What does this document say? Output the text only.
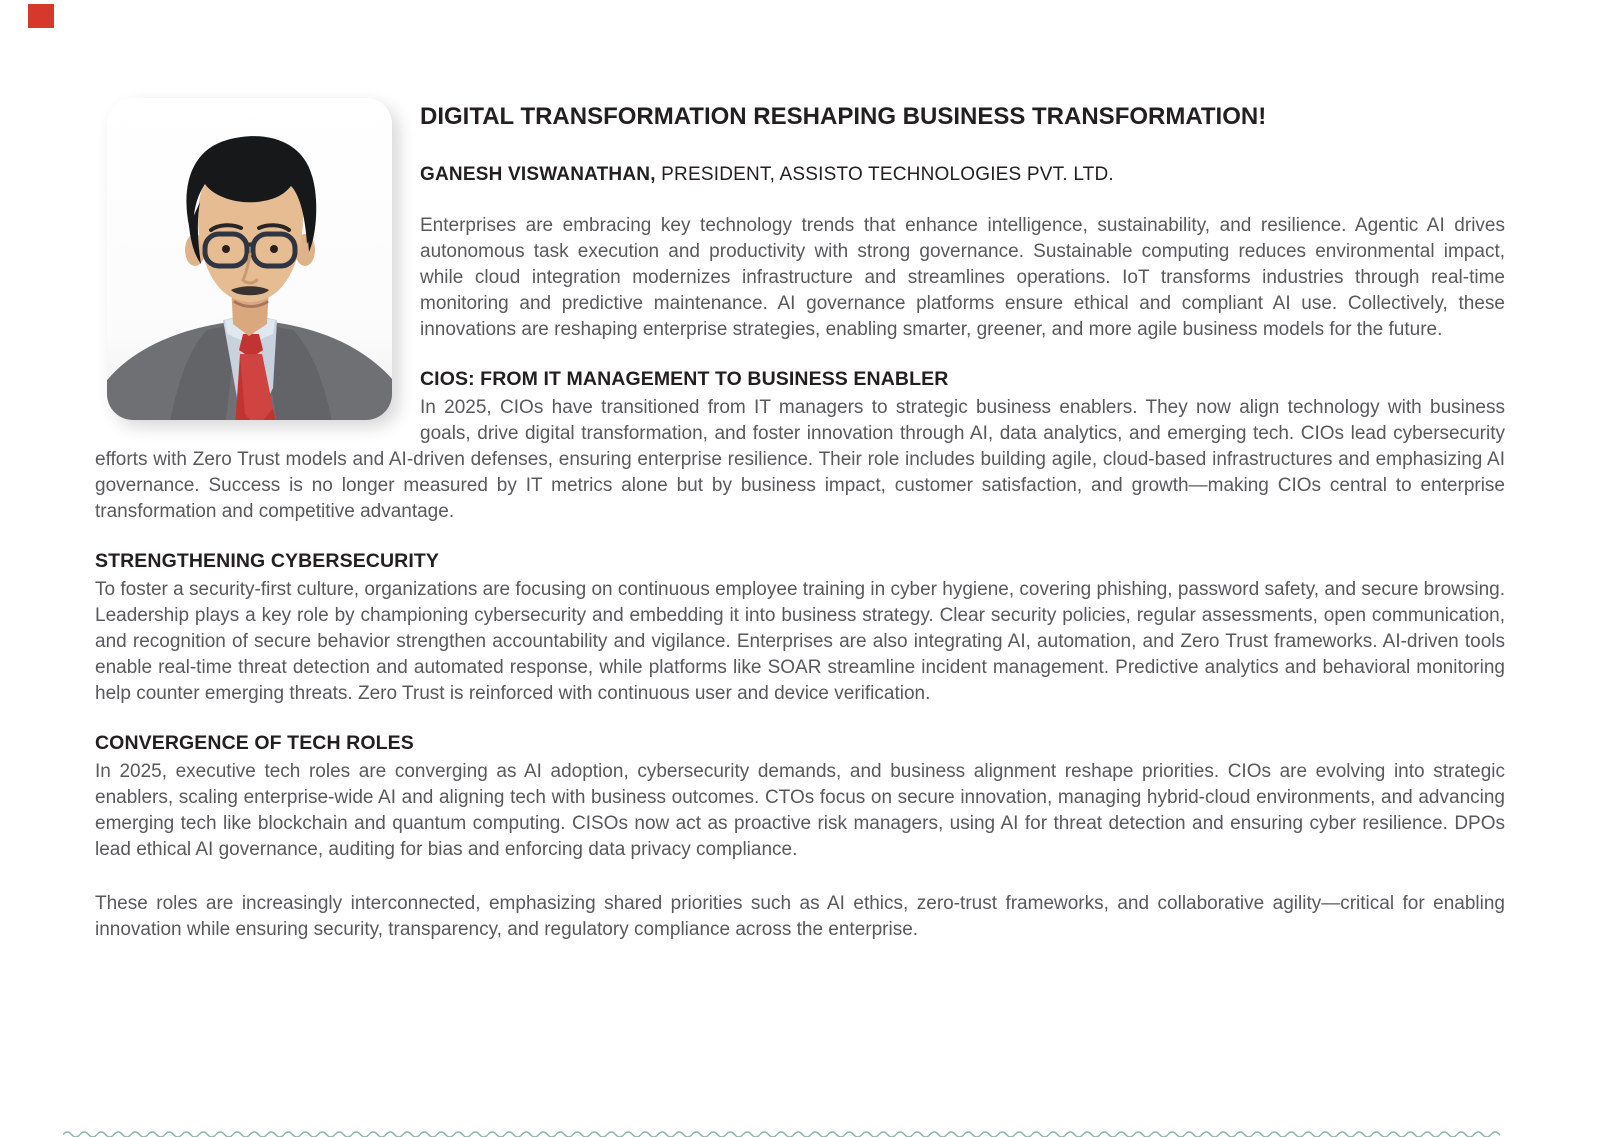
DIGITAL TRANSFORMATION RESHAPING BUSINESS TRANSFORMATION!

GANESH VISWANATHAN, PRESIDENT, ASSISTO TECHNOLOGIES PVT. LTD.

Enterprises are embracing key technology trends that enhance intelligence, sustainability, and resilience. Agentic AI drives autonomous task execution and productivity with strong governance. Sustainable computing reduces environmental impact, while cloud integration modernizes infrastructure and streamlines operations. IoT transforms industries through real-time monitoring and predictive maintenance. AI governance platforms ensure ethical and compliant AI use. Collectively, these innovations are reshaping enterprise strategies, enabling smarter, greener, and more agile business models for the future.

CIOS: FROM IT MANAGEMENT TO BUSINESS ENABLER

In 2025, CIOs have transitioned from IT managers to strategic business enablers. They now align technology with business goals, drive digital transformation, and foster innovation through AI, data analytics, and emerging tech. CIOs lead cybersecurity efforts with Zero Trust models and AI-driven defenses, ensuring enterprise resilience. Their role includes building agile, cloud-based infrastructures and emphasizing AI governance. Success is no longer measured by IT metrics alone but by business impact, customer satisfaction, and growth—making CIOs central to enterprise transformation and competitive advantage.

STRENGTHENING CYBERSECURITY

To foster a security-first culture, organizations are focusing on continuous employee training in cyber hygiene, covering phishing, password safety, and secure browsing. Leadership plays a key role by championing cybersecurity and embedding it into business strategy. Clear security policies, regular assessments, open communication, and recognition of secure behavior strengthen accountability and vigilance. Enterprises are also integrating AI, automation, and Zero Trust frameworks. AI-driven tools enable real-time threat detection and automated response, while platforms like SOAR streamline incident management. Predictive analytics and behavioral monitoring help counter emerging threats. Zero Trust is reinforced with continuous user and device verification.

CONVERGENCE OF TECH ROLES

In 2025, executive tech roles are converging as AI adoption, cybersecurity demands, and business alignment reshape priorities. CIOs are evolving into strategic enablers, scaling enterprise-wide AI and aligning tech with business outcomes. CTOs focus on secure innovation, managing hybrid-cloud environments, and advancing emerging tech like blockchain and quantum computing. CISOs now act as proactive risk managers, using AI for threat detection and ensuring cyber resilience. DPOs lead ethical AI governance, auditing for bias and enforcing data privacy compliance.

These roles are increasingly interconnected, emphasizing shared priorities such as AI ethics, zero-trust frameworks, and collaborative agility—critical for enabling innovation while ensuring security, transparency, and regulatory compliance across the enterprise.
